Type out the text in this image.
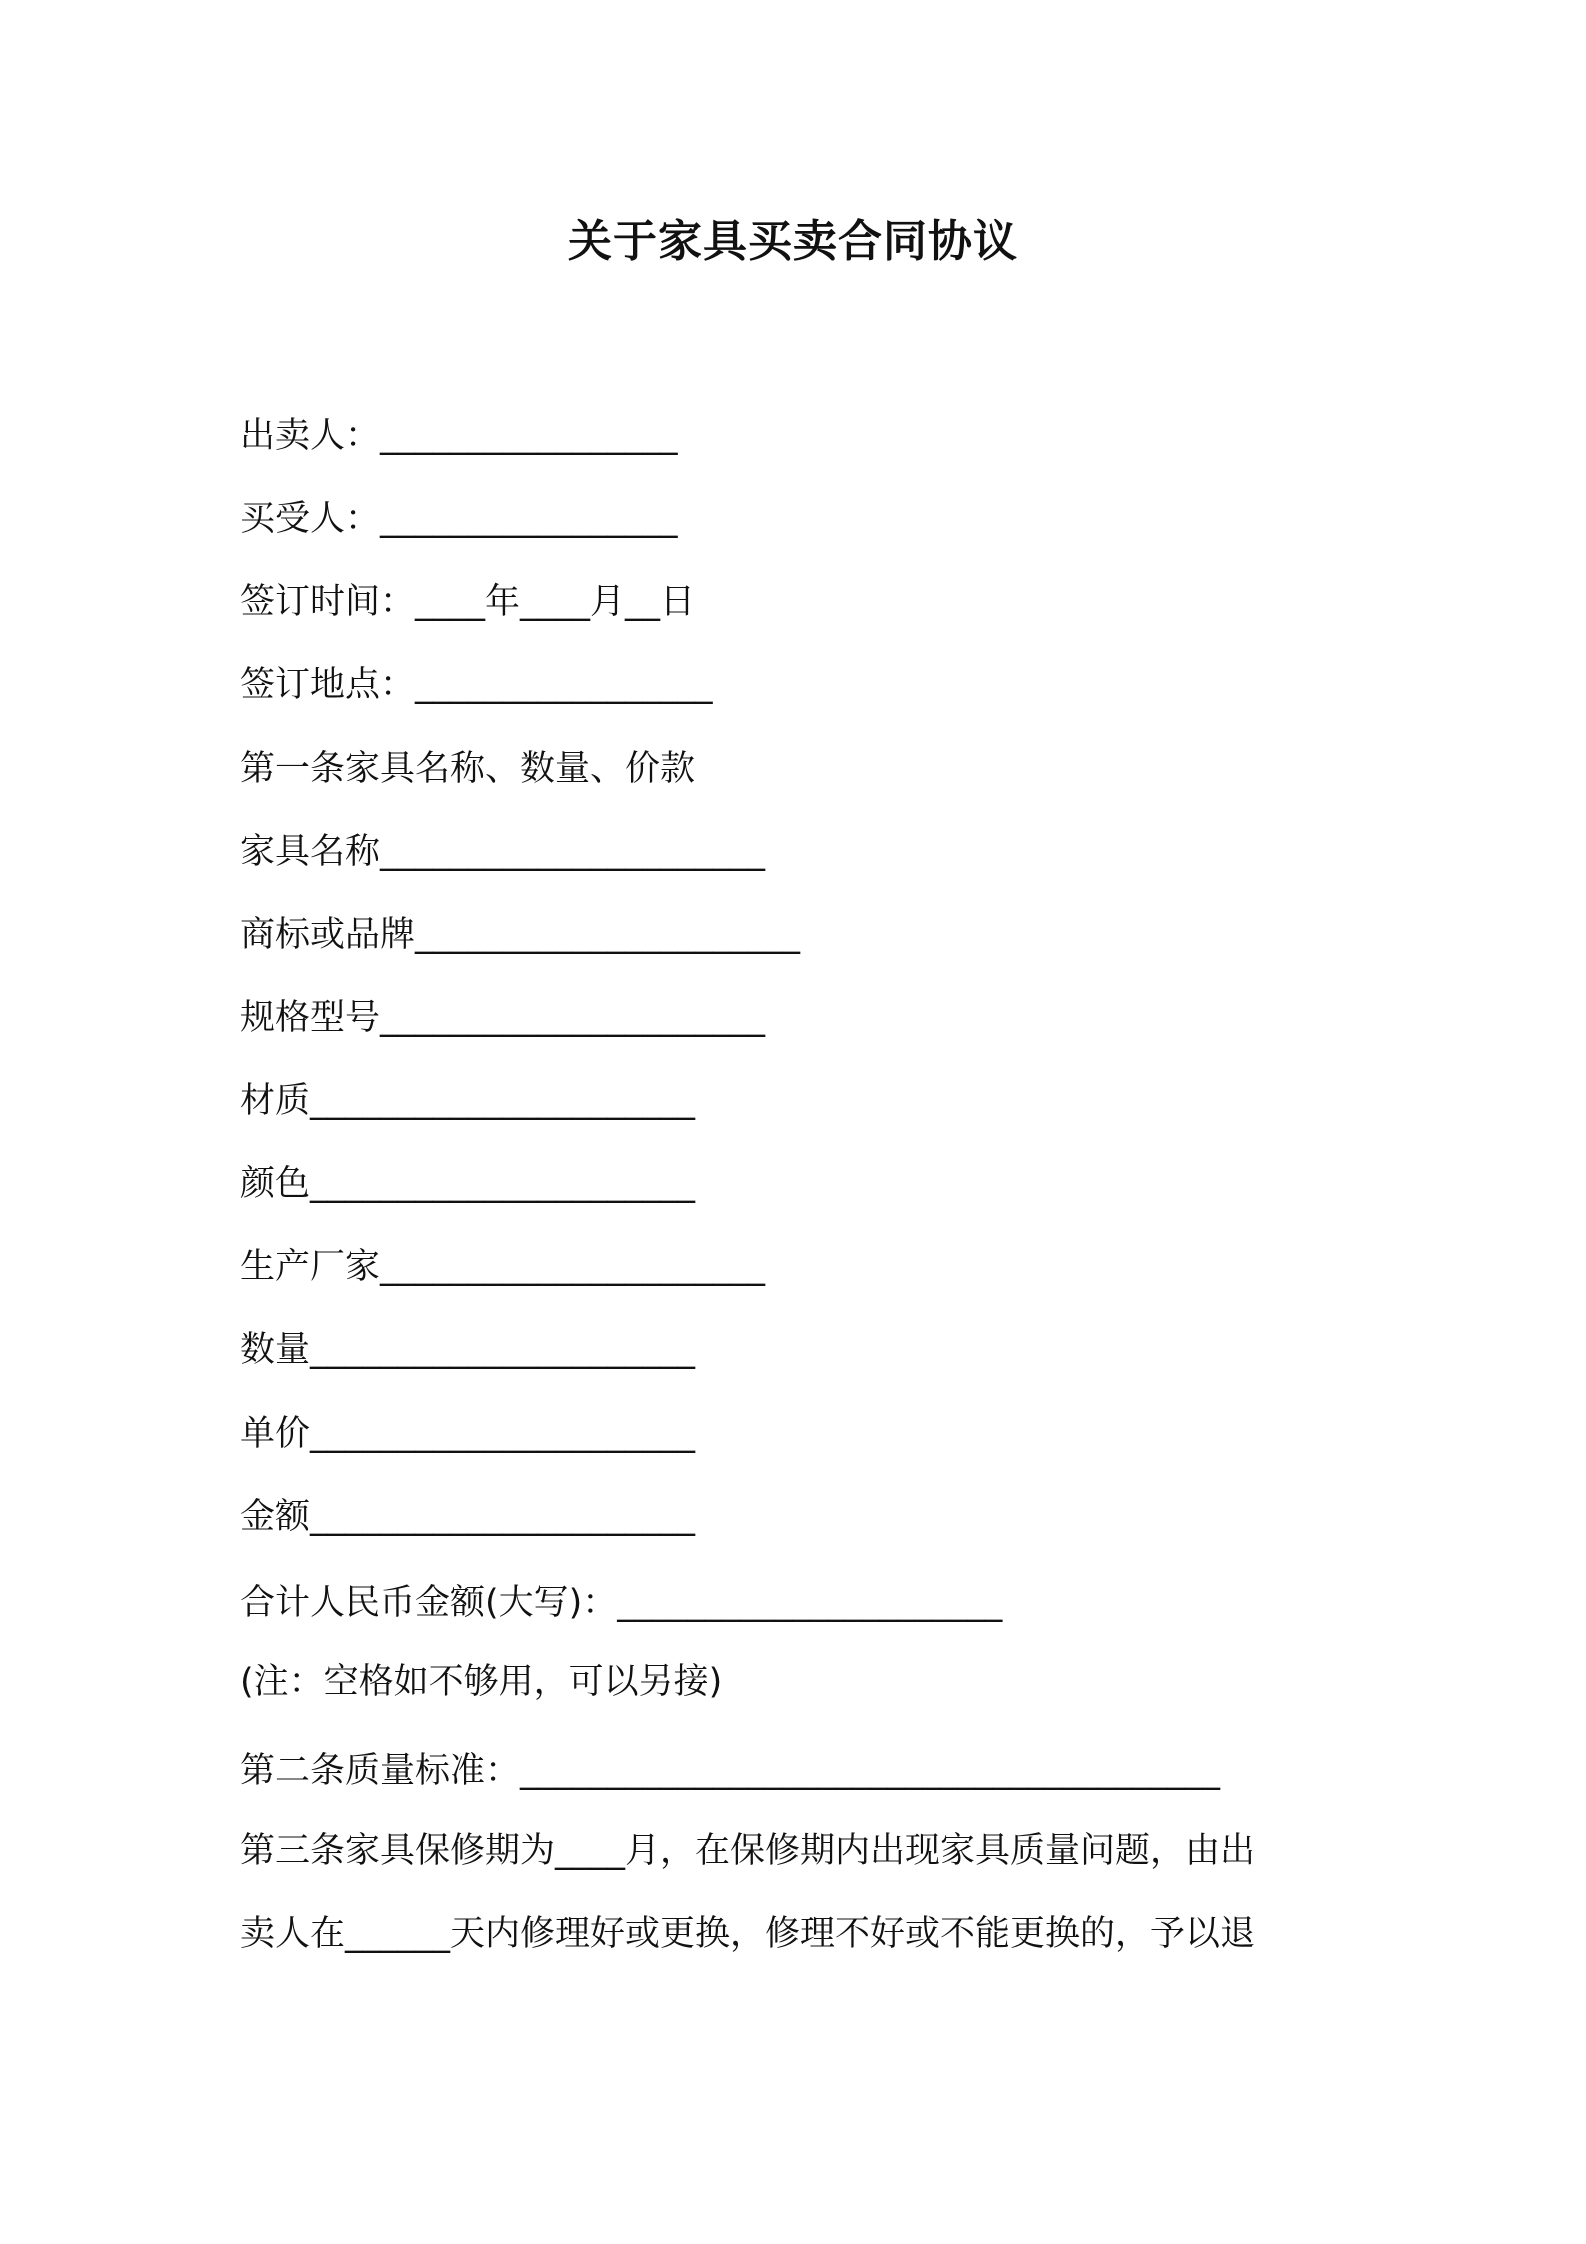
关于家具买卖合同协议

出卖人：_________________

买受人：_________________

签订时间：____年____月__日

签订地点：_________________

第一条家具名称、数量、价款

家具名称______________________

商标或品牌______________________

规格型号______________________

材质______________________

颜色______________________

生产厂家______________________

数量______________________

单价______________________

金额______________________

合计人民币金额(大写)：______________________

(注：空格如不够用，可以另接)

第二条质量标准：________________________________________

第三条家具保修期为____月，在保修期内出现家具质量问题，由出

卖人在______天内修理好或更换，修理不好或不能更换的，予以退
